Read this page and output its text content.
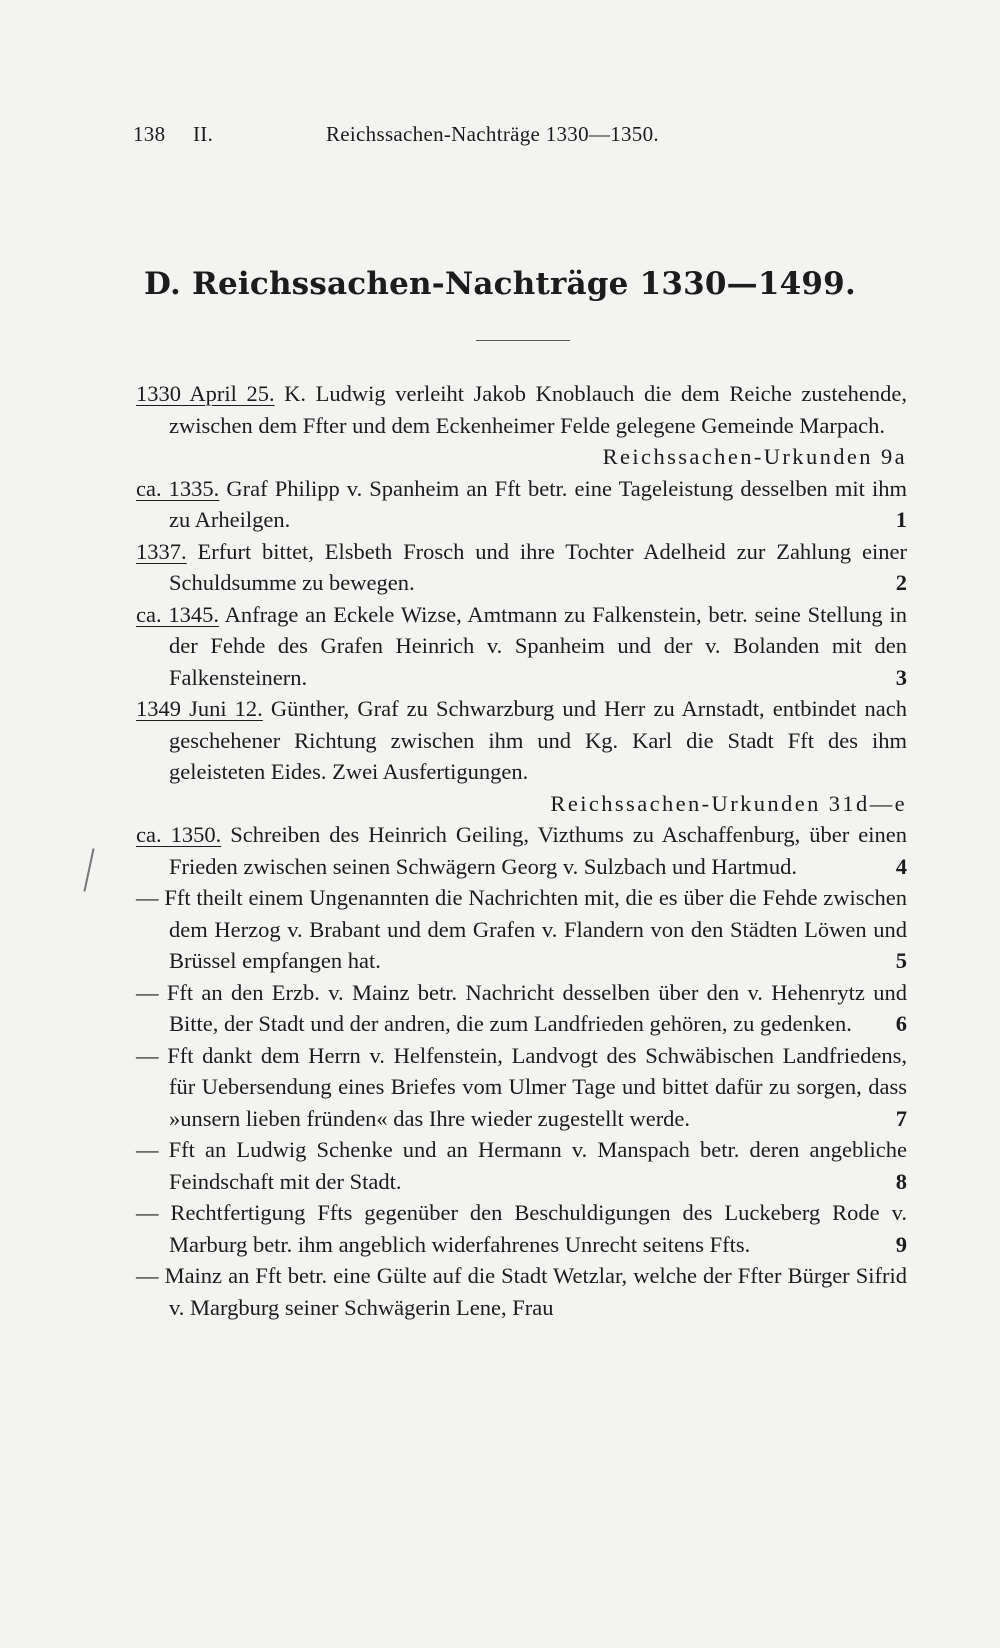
138 II.	Reichssachen-Nachträge 1330—1350.
D. Reichssachen-Nachträge 1330—1499.

1330 April 25. K. Ludwig verleiht Jakob Knoblauch die dem Reiche zustehende, zwischen dem Ffter und dem Eckenheimer Felde gelegene Gemeinde Marpach.
Reichssachen-Urkunden 9a

ca. 1335. Graf Philipp v. Spanheim an Fft betr. eine Tageleistung desselben mit ihm zu Arheilgen.	1

1337. Erfurt bittet, Elsbeth Frosch und ihre Tochter Adelheid zur Zahlung einer Schuldsumme zu bewegen.	2

ca. 1345. Anfrage an Eckele Wizse, Amtmann zu Falkenstein, betr. seine Stellung in der Fehde des Grafen Heinrich v. Spanheim und der v. Bolanden mit den Falkensteinern.	3

1349 Juni 12. Günther, Graf zu Schwarzburg und Herr zu Arnstadt, entbindet nach geschehener Richtung zwischen ihm und Kg. Karl die Stadt Fft des ihm geleisteten Eides. Zwei Ausfertigungen.
Reichssachen-Urkunden 31d—e

ca. 1350. Schreiben des Heinrich Geiling, Vizthums zu Aschaffenburg, über einen Frieden zwischen seinen Schwägern Georg v. Sulzbach und Hartmud.	4

— Fft theilt einem Ungenannten die Nachrichten mit, die es über die Fehde zwischen dem Herzog v. Brabant und dem Grafen v. Flandern von den Städten Löwen und Brüssel empfangen hat.	5

— Fft an den Erzb. v. Mainz betr. Nachricht desselben über den v. Hehenrytz und Bitte, der Stadt und der andren, die zum Landfrieden gehören, zu gedenken. 6

— Fft dankt dem Herrn v. Helfenstein, Landvogt des Schwäbischen Landfriedens, für Uebersendung eines Briefes vom Ulmer Tage und bittet dafür zu sorgen, dass »unsern lieben fründen« das Ihre wieder zugestellt werde.	7

— Fft an Ludwig Schenke und an Hermann v. Manspach betr. deren angebliche Feindschaft mit der Stadt.	8

— Rechtfertigung Ffts gegenüber den Beschuldigungen des Luckeberg Rode v. Marburg betr. ihm angeblich widerfahrenes Unrecht seitens Ffts.	9

— Mainz an Fft betr. eine Gülte auf die Stadt Wetzlar, welche der Ffter Bürger Sifrid v. Margburg seiner Schwägerin Lene, Frau
